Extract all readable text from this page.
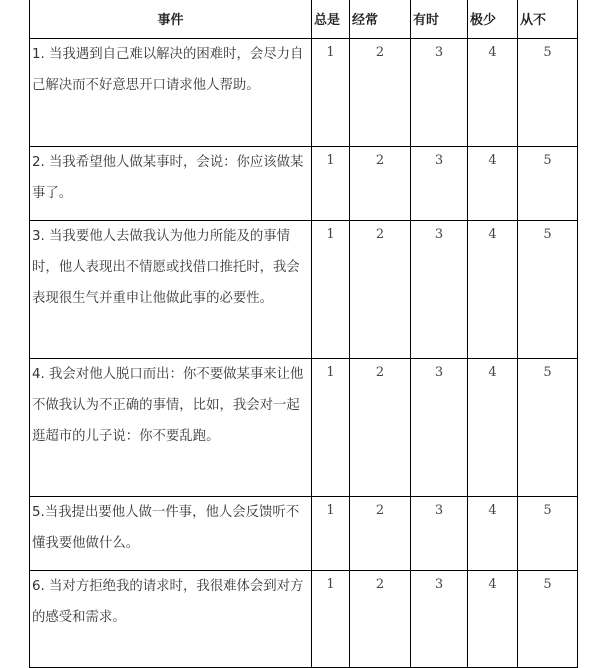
事件	总是	经常	有时	极少	从不
1. 当我遇到自己难以解决的困难时，会尽力自己解决而不好意思开口请求他人帮助。	1	2	3	4	5
2. 当我希望他人做某事时，会说：你应该做某事了。	1	2	3	4	5
3. 当我要他人去做我认为他力所能及的事情时，他人表现出不情愿或找借口推托时，我会表现很生气并重申让他做此事的必要性。	1	2	3	4	5
4. 我会对他人脱口而出：你不要做某事来让他不做我认为不正确的事情，比如，我会对一起逛超市的儿子说：你不要乱跑。	1	2	3	4	5
5.当我提出要他人做一件事，他人会反馈听不懂我要他做什么。	1	2	3	4	5
6. 当对方拒绝我的请求时，我很难体会到对方的感受和需求。	1	2	3	4	5
